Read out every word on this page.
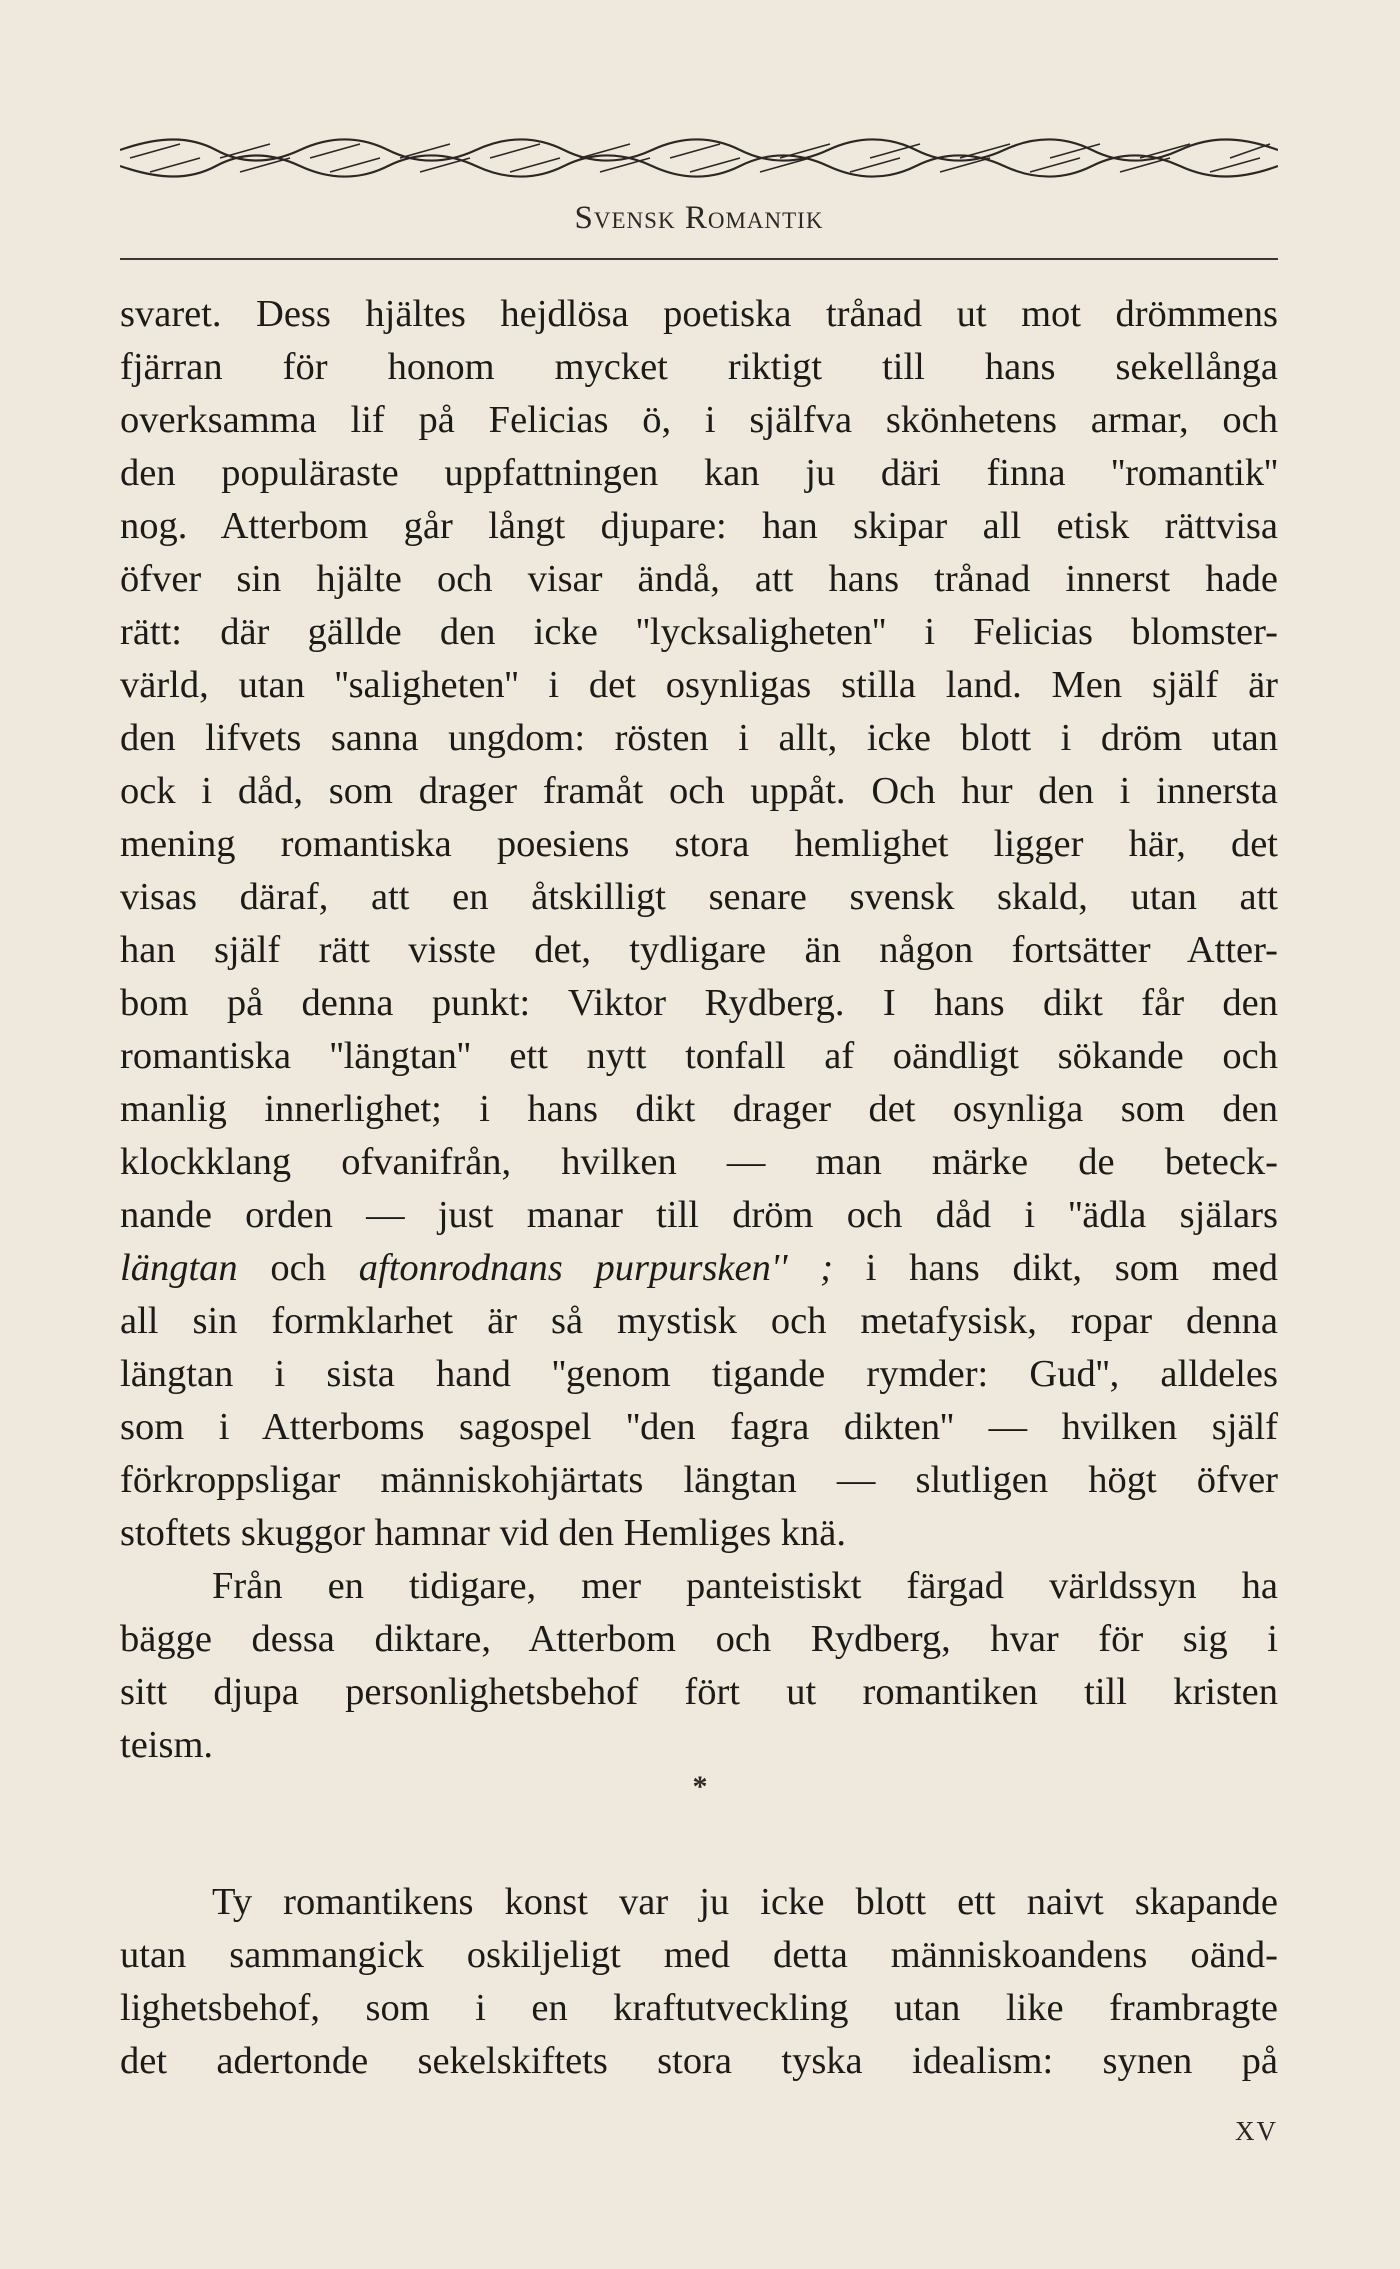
Svensk Romantik
svaret. Dess hjältes hejdlösa poetiska trånad ut mot drömmens
fjärran för honom mycket riktigt till hans sekellånga
overksamma lif på Felicias ö, i själfva skönhetens armar, och
den populäraste uppfattningen kan ju däri finna ''romantik''
nog. Atterbom går långt djupare: han skipar all etisk rättvisa
öfver sin hjälte och visar ändå, att hans trånad innerst hade
rätt: där gällde den icke ''lycksaligheten'' i Felicias blomster-
värld, utan ''saligheten'' i det osynligas stilla land. Men själf är
den lifvets sanna ungdom: rösten i allt, icke blott i dröm utan
ock i dåd, som drager framåt och uppåt. Och hur den i innersta
mening romantiska poesiens stora hemlighet ligger här, det
visas däraf, att en åtskilligt senare svensk skald, utan att
han själf rätt visste det, tydligare än någon fortsätter Atter-
bom på denna punkt: Viktor Rydberg. I hans dikt får den
romantiska ''längtan'' ett nytt tonfall af oändligt sökande och
manlig innerlighet; i hans dikt drager det osynliga som den
klockklang ofvanifrån, hvilken — man märke de beteck-
nande orden — just manar till dröm och dåd i ''ädla själars
längtan och aftonrodnans purpursken'' ; i hans dikt, som med
all sin formklarhet är så mystisk och metafysisk, ropar denna
längtan i sista hand ''genom tigande rymder: Gud'', alldeles
som i Atterboms sagospel ''den fagra dikten'' — hvilken själf
förkroppsligar människohjärtats längtan — slutligen högt öfver
stoftets skuggor hamnar vid den Hemliges knä.
Från en tidigare, mer panteistiskt färgad världssyn ha
bägge dessa diktare, Atterbom och Rydberg, hvar för sig i
sitt djupa personlighetsbehof fört ut romantiken till kristen
teism.
*
Ty romantikens konst var ju icke blott ett naivt skapande
utan sammangick oskiljeligt med detta människoandens oänd-
lighetsbehof, som i en kraftutveckling utan like frambragte
det adertonde sekelskiftets stora tyska idealism: synen på
XV
